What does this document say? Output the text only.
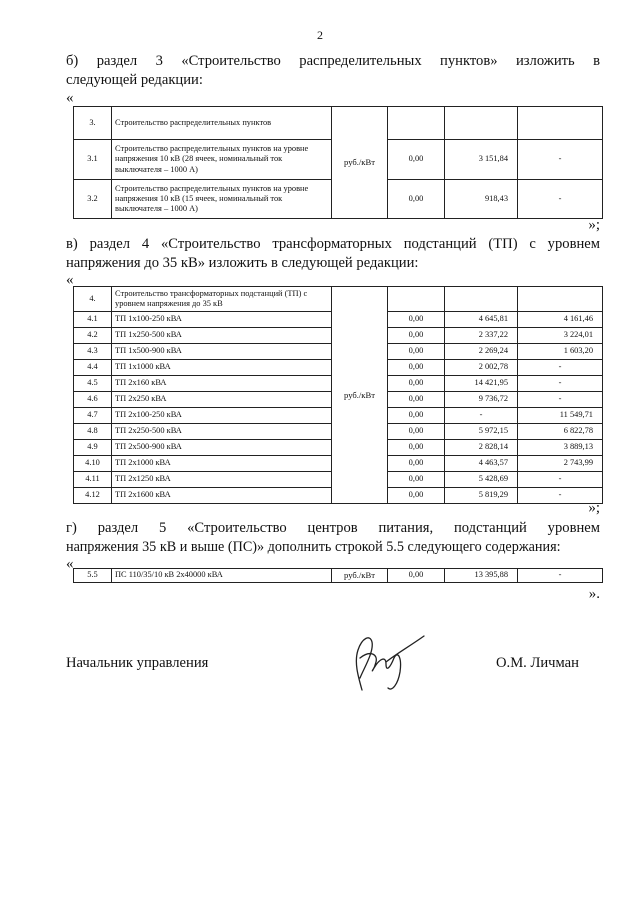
2
б) раздел 3 «Строительство распределительных пунктов» изложить в
следующей редакции:
«
3.	Строительство распределительных пунктов	руб./кВт			
3.1	Строительство распределительных пунктов на уровне напряжения 10 кВ (28 ячеек, номинальный ток выключателя – 1000 А)		0,00	3 151,84	-
3.2	Строительство распределительных пунктов на уровне напряжения 10 кВ (15 ячеек, номинальный ток выключателя – 1000 А)		0,00	918,43	-
»;
в) раздел 4 «Строительство трансформаторных подстанций (ТП) с уровнем
напряжения до 35 кВ» изложить в следующей редакции:
«
4.	Строительство трансформаторных подстанций (ТП) с уровнем напряжения до 35 кВ	руб./кВт			
4.1	ТП 1х100-250 кВА		0,00	4 645,81	4 161,46
4.2	ТП 1х250-500 кВА		0,00	2 337,22	3 224,01
4.3	ТП 1х500-900 кВА		0,00	2 269,24	1 603,20
4.4	ТП 1х1000 кВА		0,00	2 002,78	-
4.5	ТП 2х160 кВА		0,00	14 421,95	-
4.6	ТП 2х250 кВА		0,00	9 736,72	-
4.7	ТП 2х100-250 кВА		0,00	-	11 549,71
4.8	ТП 2х250-500 кВА		0,00	5 972,15	6 822,78
4.9	ТП 2х500-900 кВА		0,00	2 828,14	3 889,13
4.10	ТП 2х1000 кВА		0,00	4 463,57	2 743,99
4.11	ТП 2х1250 кВА		0,00	5 428,69	-
4.12	ТП 2х1600 кВА		0,00	5 819,29	-
»;
г) раздел 5 «Строительство центров питания, подстанций уровнем
напряжения 35 кВ и выше (ПС)» дополнить строкой 5.5 следующего содержания:
«
5.5	ПС 110/35/10 кВ 2х40000 кВА	руб./кВт	0,00	13 395,88	-
».
Начальник управления	О.М. Личман
